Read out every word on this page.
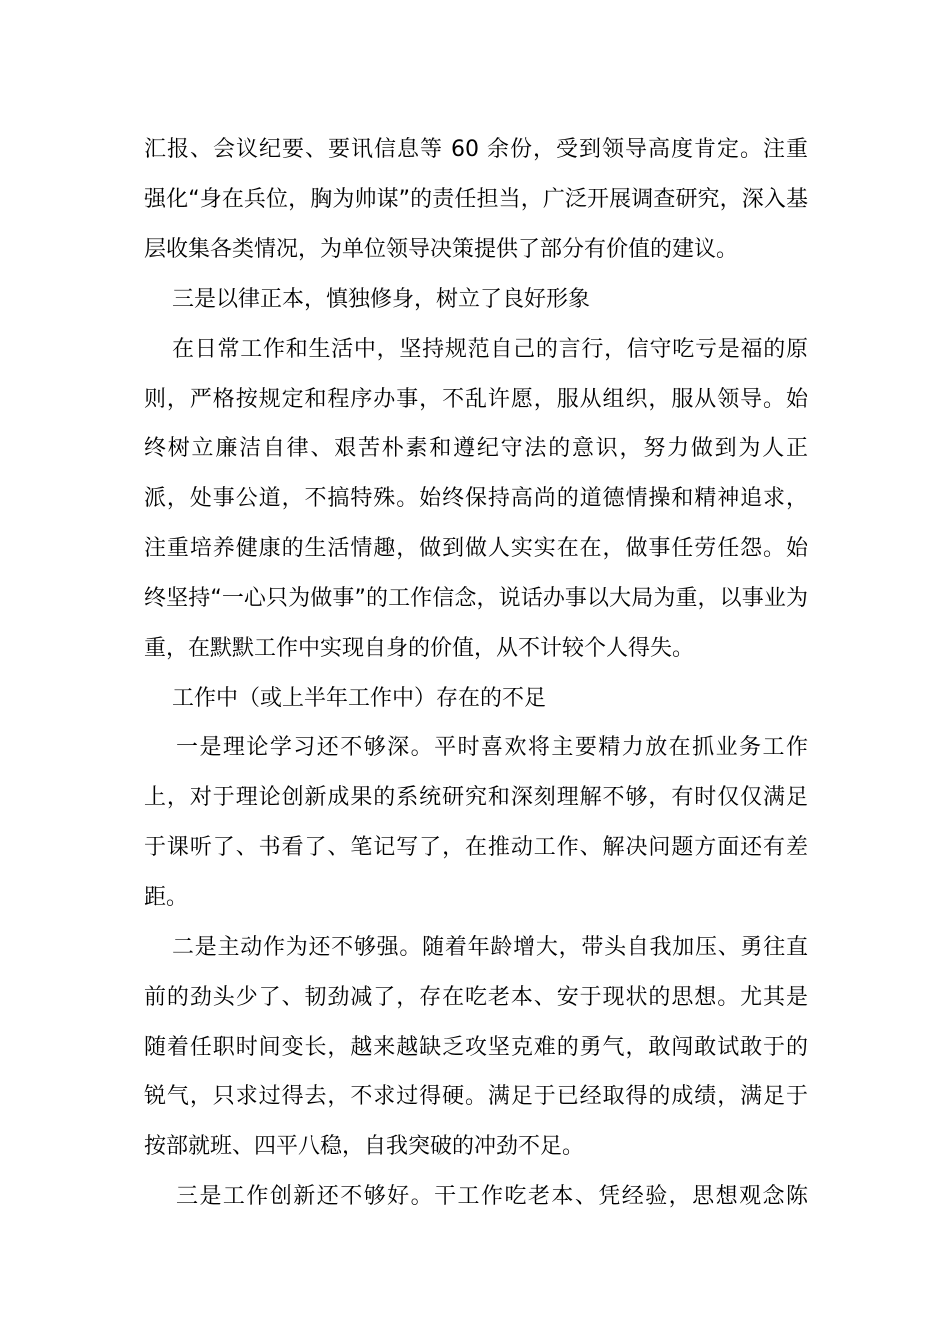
汇报、会议纪要、要讯信息等 60 余份，受到领导高度肯定。注重

强化“身在兵位，胸为帅谋”的责任担当，广泛开展调查研究，深入基

层收集各类情况，为单位领导决策提供了部分有价值的建议。

三是以律正本，慎独修身，树立了良好形象

在日常工作和生活中，坚持规范自己的言行，信守吃亏是福的原

则，严格按规定和程序办事，不乱许愿，服从组织，服从领导。始

终树立廉洁自律、艰苦朴素和遵纪守法的意识，努力做到为人正

派，处事公道，不搞特殊。始终保持高尚的道德情操和精神追求，

注重培养健康的生活情趣，做到做人实实在在，做事任劳任怨。始

终坚持“一心只为做事”的工作信念，说话办事以大局为重，以事业为

重，在默默工作中实现自身的价值，从不计较个人得失。

工作中（或上半年工作中）存在的不足

一是理论学习还不够深。平时喜欢将主要精力放在抓业务工作

上，对于理论创新成果的系统研究和深刻理解不够，有时仅仅满足

于课听了、书看了、笔记写了，在推动工作、解决问题方面还有差

距。

二是主动作为还不够强。随着年龄增大，带头自我加压、勇往直

前的劲头少了、韧劲减了，存在吃老本、安于现状的思想。尤其是

随着任职时间变长，越来越缺乏攻坚克难的勇气，敢闯敢试敢于的

锐气，只求过得去，不求过得硬。满足于已经取得的成绩，满足于

按部就班、四平八稳，自我突破的冲劲不足。

三是工作创新还不够好。干工作吃老本、凭经验，思想观念陈
